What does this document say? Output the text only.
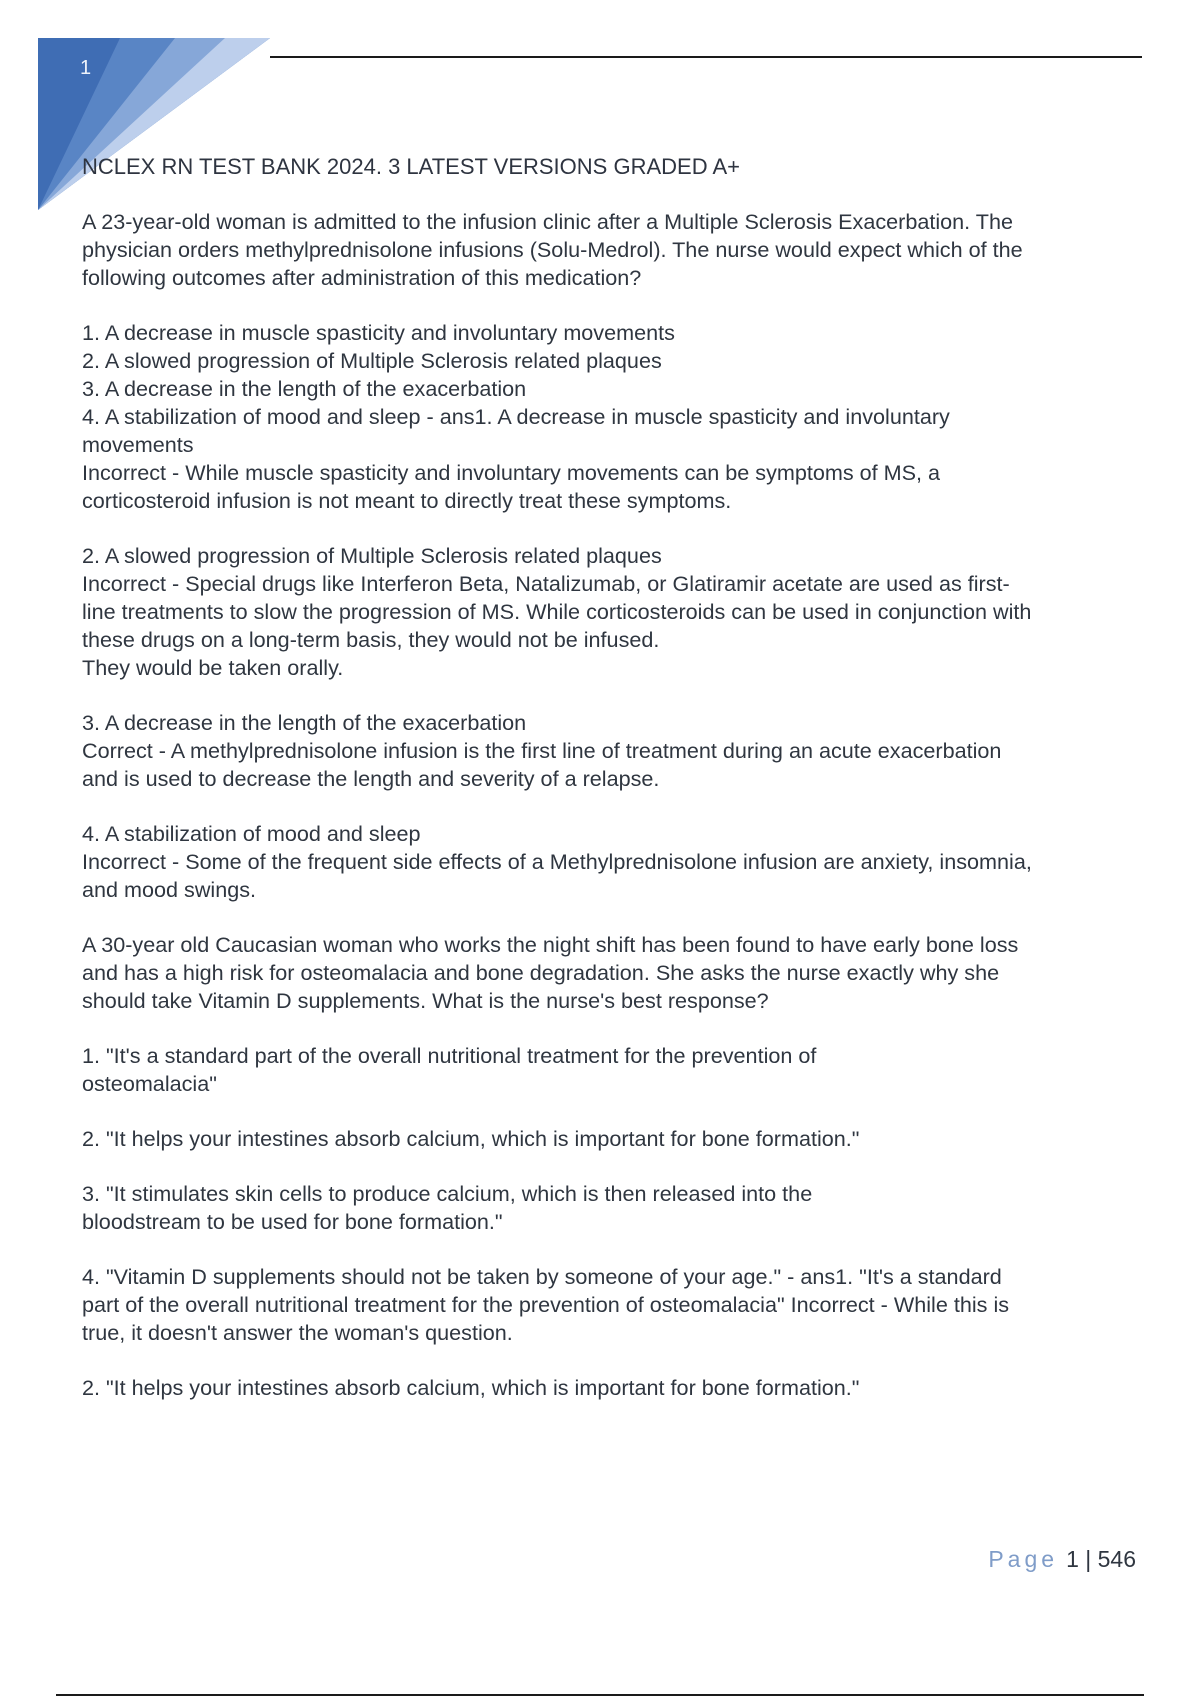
1
NCLEX RN TEST BANK 2024. 3 LATEST VERSIONS GRADED A+
A 23-year-old woman is admitted to the infusion clinic after a Multiple Sclerosis Exacerbation. The
physician orders methylprednisolone infusions (Solu-Medrol). The nurse would expect which of the
following outcomes after administration of this medication?
1. A decrease in muscle spasticity and involuntary movements
2. A slowed progression of Multiple Sclerosis related plaques
3. A decrease in the length of the exacerbation
4. A stabilization of mood and sleep - ans1. A decrease in muscle spasticity and involuntary
movements
Incorrect - While muscle spasticity and involuntary movements can be symptoms of MS, a
corticosteroid infusion is not meant to directly treat these symptoms.
2. A slowed progression of Multiple Sclerosis related plaques
Incorrect - Special drugs like Interferon Beta, Natalizumab, or Glatiramir acetate are used as first-
line treatments to slow the progression of MS. While corticosteroids can be used in conjunction with
these drugs on a long-term basis, they would not be infused.
They would be taken orally.
3. A decrease in the length of the exacerbation
Correct - A methylprednisolone infusion is the first line of treatment during an acute exacerbation
and is used to decrease the length and severity of a relapse.
4. A stabilization of mood and sleep
Incorrect - Some of the frequent side effects of a Methylprednisolone infusion are anxiety, insomnia,
and mood swings.
A 30-year old Caucasian woman who works the night shift has been found to have early bone loss
and has a high risk for osteomalacia and bone degradation. She asks the nurse exactly why she
should take Vitamin D supplements. What is the nurse's best response?
1. "It's a standard part of the overall nutritional treatment for the prevention of
osteomalacia"
2. "It helps your intestines absorb calcium, which is important for bone formation."
3. "It stimulates skin cells to produce calcium, which is then released into the
bloodstream to be used for bone formation."
4. "Vitamin D supplements should not be taken by someone of your age." - ans1. "It's a standard
part of the overall nutritional treatment for the prevention of osteomalacia" Incorrect - While this is
true, it doesn't answer the woman's question.
2. "It helps your intestines absorb calcium, which is important for bone formation."
Page 1 | 546
